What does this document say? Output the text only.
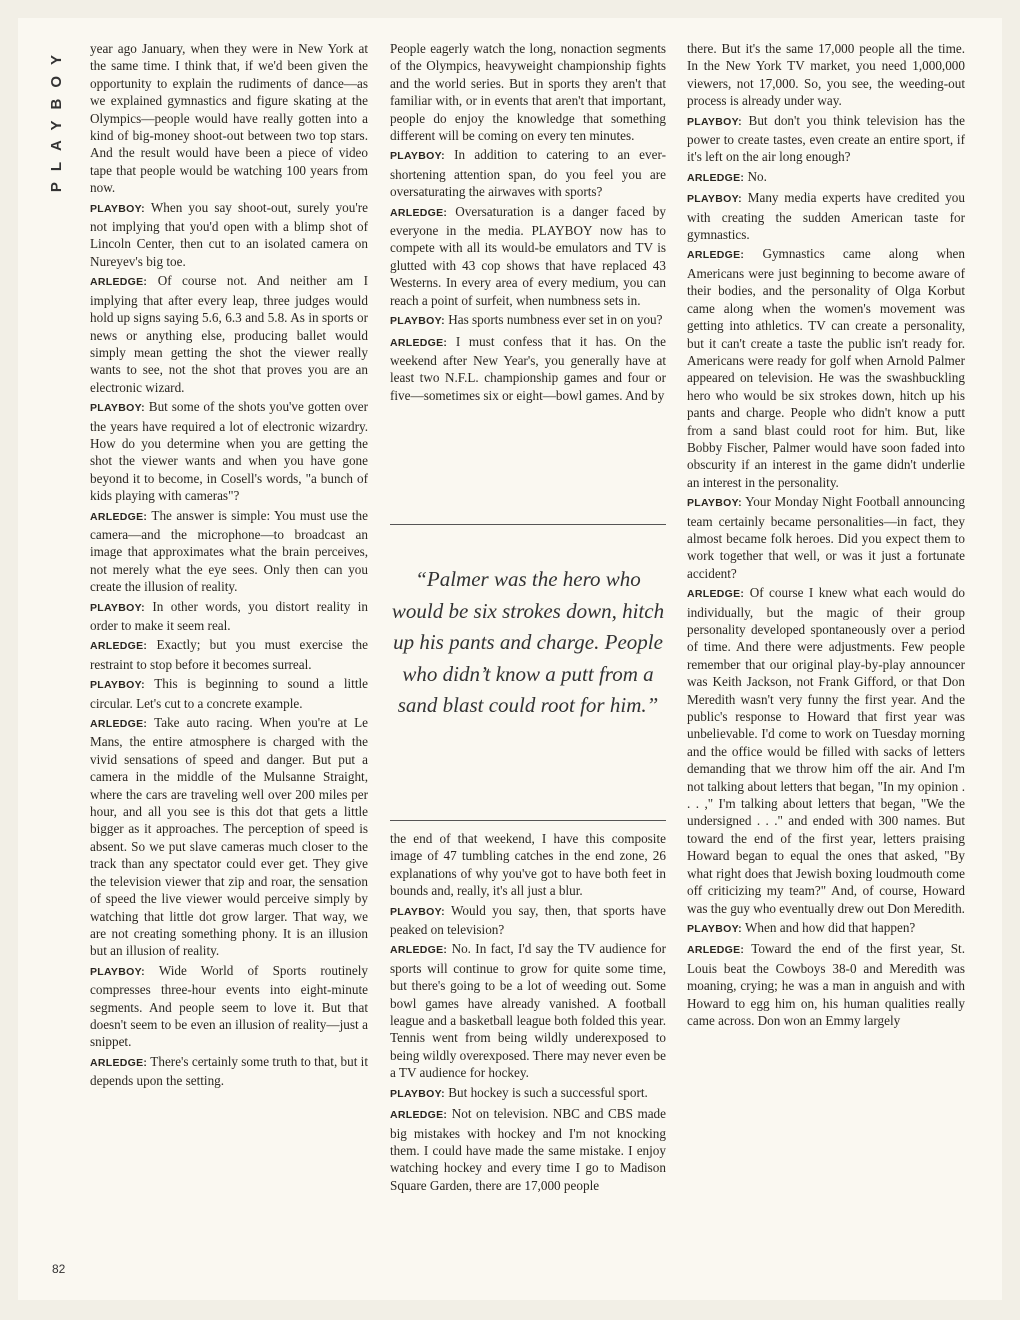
PLAYBOY	year ago January, when they were in New York at the same time. I think that, if we'd been given the opportunity to explain the rudiments of dance—as we explained gymnastics and figure skating at the Olympics—people would have really gotten into a kind of big-money shoot-out between two top stars. And the result would have been a piece of video tape that people would be watching 100 years from now.

PLAYBOY: When you say shoot-out, surely you're not implying that you'd open with a blimp shot of Lincoln Center, then cut to an isolated camera on Nureyev's big toe.

ARLEDGE: Of course not. And neither am I implying that after every leap, three judges would hold up signs saying 5.6, 6.3 and 5.8. As in sports or news or anything else, producing ballet would simply mean getting the shot the viewer really wants to see, not the shot that proves you are an electronic wizard.

PLAYBOY: But some of the shots you've gotten over the years have required a lot of electronic wizardry. How do you determine when you are getting the shot the viewer wants and when you have gone beyond it to become, in Cosell's words, "a bunch of kids playing with cameras"?

ARLEDGE: The answer is simple: You must use the camera—and the microphone—to broadcast an image that approximates what the brain perceives, not merely what the eye sees. Only then can you create the illusion of reality.

PLAYBOY: In other words, you distort reality in order to make it seem real.

ARLEDGE: Exactly; but you must exercise the restraint to stop before it becomes surreal.

PLAYBOY: This is beginning to sound a little circular. Let's cut to a concrete example.

ARLEDGE: Take auto racing. When you're at Le Mans, the entire atmosphere is charged with the vivid sensations of speed and danger. But put a camera in the middle of the Mulsanne Straight, where the cars are traveling well over 200 miles per hour, and all you see is this dot that gets a little bigger as it approaches. The perception of speed is absent. So we put slave cameras much closer to the track than any spectator could ever get. They give the television viewer that zip and roar, the sensation of speed the live viewer would perceive simply by watching that little dot grow larger. That way, we are not creating something phony. It is an illusion but an illusion of reality.

PLAYBOY: Wide World of Sports routinely compresses three-hour events into eight-minute segments. And people seem to love it. But that doesn't seem to be even an illusion of reality—just a snippet.

ARLEDGE: There's certainly some truth to that, but it depends upon the setting.

People eagerly watch the long, nonaction segments of the Olympics, heavyweight championship fights and the world series. But in sports they aren't that familiar with, or in events that aren't that important, people do enjoy the knowledge that something different will be coming on every ten minutes.

PLAYBOY: In addition to catering to an ever-shortening attention span, do you feel you are oversaturating the airwaves with sports?

ARLEDGE: Oversaturation is a danger faced by everyone in the media. PLAYBOY now has to compete with all its would-be emulators and TV is glutted with 43 cop shows that have replaced 43 Westerns. In every area of every medium, you can reach a point of surfeit, when numbness sets in.

PLAYBOY: Has sports numbness ever set in on you?

ARLEDGE: I must confess that it has. On the weekend after New Year's, you generally have at least two N.F.L. championship games and four or five—sometimes six or eight—bowl games. And by

“Palmer was the hero who would be six strokes down, hitch up his pants and charge. People who didn’t know a putt from a sand blast could root for him.”

the end of that weekend, I have this composite image of 47 tumbling catches in the end zone, 26 explanations of why you've got to have both feet in bounds and, really, it's all just a blur.

PLAYBOY: Would you say, then, that sports have peaked on television?

ARLEDGE: No. In fact, I'd say the TV audience for sports will continue to grow for quite some time, but there's going to be a lot of weeding out. Some bowl games have already vanished. A football league and a basketball league both folded this year. Tennis went from being wildly underexposed to being wildly overexposed. There may never even be a TV audience for hockey.

PLAYBOY: But hockey is such a successful sport.

ARLEDGE: Not on television. NBC and CBS made big mistakes with hockey and I'm not knocking them. I could have made the same mistake. I enjoy watching hockey and every time I go to Madison Square Garden, there are 17,000 people

there. But it's the same 17,000 people all the time. In the New York TV market, you need 1,000,000 viewers, not 17,000. So, you see, the weeding-out process is already under way.

PLAYBOY: But don't you think television has the power to create tastes, even create an entire sport, if it's left on the air long enough?

ARLEDGE: No.

PLAYBOY: Many media experts have credited you with creating the sudden American taste for gymnastics.

ARLEDGE: Gymnastics came along when Americans were just beginning to become aware of their bodies, and the personality of Olga Korbut came along when the women's movement was getting into athletics. TV can create a personality, but it can't create a taste the public isn't ready for. Americans were ready for golf when Arnold Palmer appeared on television. He was the swashbuckling hero who would be six strokes down, hitch up his pants and charge. People who didn't know a putt from a sand blast could root for him. But, like Bobby Fischer, Palmer would have soon faded into obscurity if an interest in the game didn't underlie an interest in the personality.

PLAYBOY: Your Monday Night Football announcing team certainly became personalities—in fact, they almost became folk heroes. Did you expect them to work together that well, or was it just a fortunate accident?

ARLEDGE: Of course I knew what each would do individually, but the magic of their group personality developed spontaneously over a period of time. And there were adjustments. Few people remember that our original play-by-play announcer was Keith Jackson, not Frank Gifford, or that Don Meredith wasn't very funny the first year. And the public's response to Howard that first year was unbelievable. I'd come to work on Tuesday morning and the office would be filled with sacks of letters demanding that we throw him off the air. And I'm not talking about letters that began, "In my opinion . . . ," I'm talking about letters that began, "We the undersigned . . ." and ended with 300 names. But toward the end of the first year, letters praising Howard began to equal the ones that asked, "By what right does that Jewish boxing loudmouth come off criticizing my team?" And, of course, Howard was the guy who eventually drew out Don Meredith.

PLAYBOY: When and how did that happen?

ARLEDGE: Toward the end of the first year, St. Louis beat the Cowboys 38-0 and Meredith was moaning, crying; he was a man in anguish and with Howard to egg him on, his human qualities really came across. Don won an Emmy largely

82
